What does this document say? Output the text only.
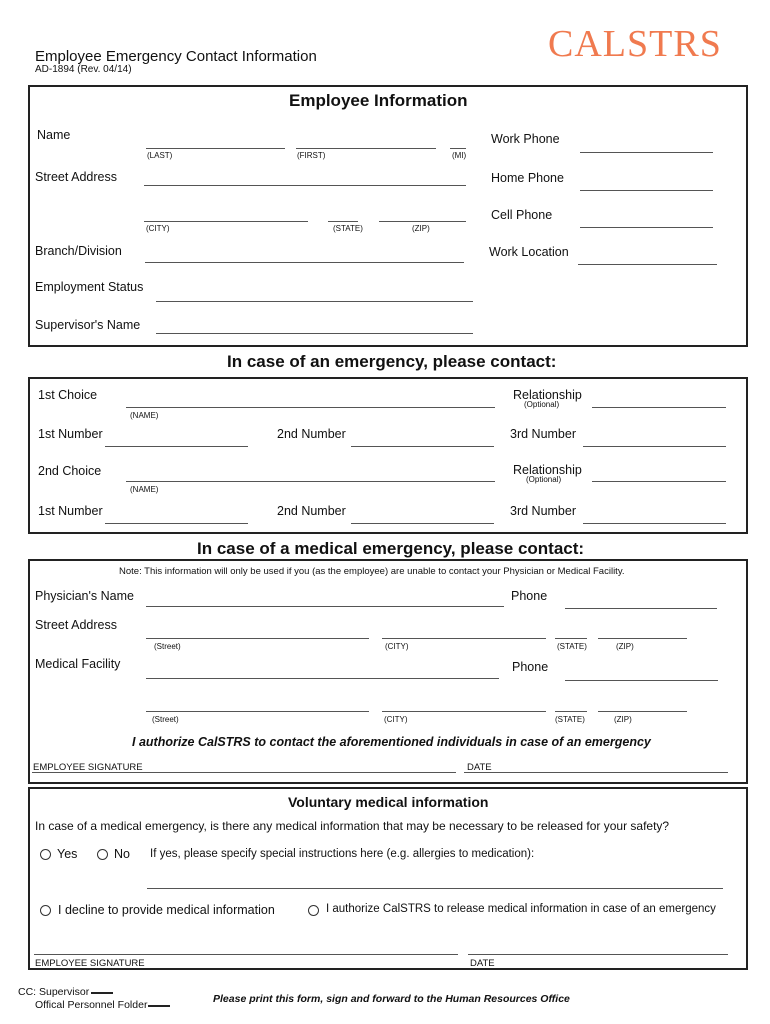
Employee Emergency Contact Information
AD-1894 (Rev. 04/14)
CALSTRS
Employee Information
Name
(LAST)	(FIRST)	(MI)
Work Phone
Street Address	Home Phone
(CITY)	(STATE)	(ZIP)
Cell Phone
Branch/Division	Work Location
Employment Status
Supervisor's Name
In case of an emergency, please contact:
1st Choice
(NAME)
Relationship
(Optional)
1st Number	2nd Number	3rd Number
2nd Choice
(NAME)
Relationship
(Optional)
1st Number	2nd Number	3rd Number
In case of a medical emergency, please contact:
Note: This information will only be used if you (as the employee) are unable to contact your Physician or Medical Facility.
Physician's Name	Phone
Street Address
(Street)	(CITY)	(STATE)	(ZIP)
Medical Facility	Phone
(Street)	(CITY)	(STATE)	(ZIP)
I authorize CalSTRS to contact the aforementioned individuals in case of an emergency
EMPLOYEE SIGNATURE	DATE
Voluntary medical information
In case of a medical emergency, is there any medical information that may be necessary to be released for your safety?
Yes	No If yes, please specify special instructions here (e.g. allergies to medication):
I decline to provide medical information	I authorize CalSTRS to release medical information in case of an emergency
EMPLOYEE SIGNATURE	DATE
CC: Supervisor
Offical Personnel Folder	Please print this form, sign and forward to the Human Resources Office
